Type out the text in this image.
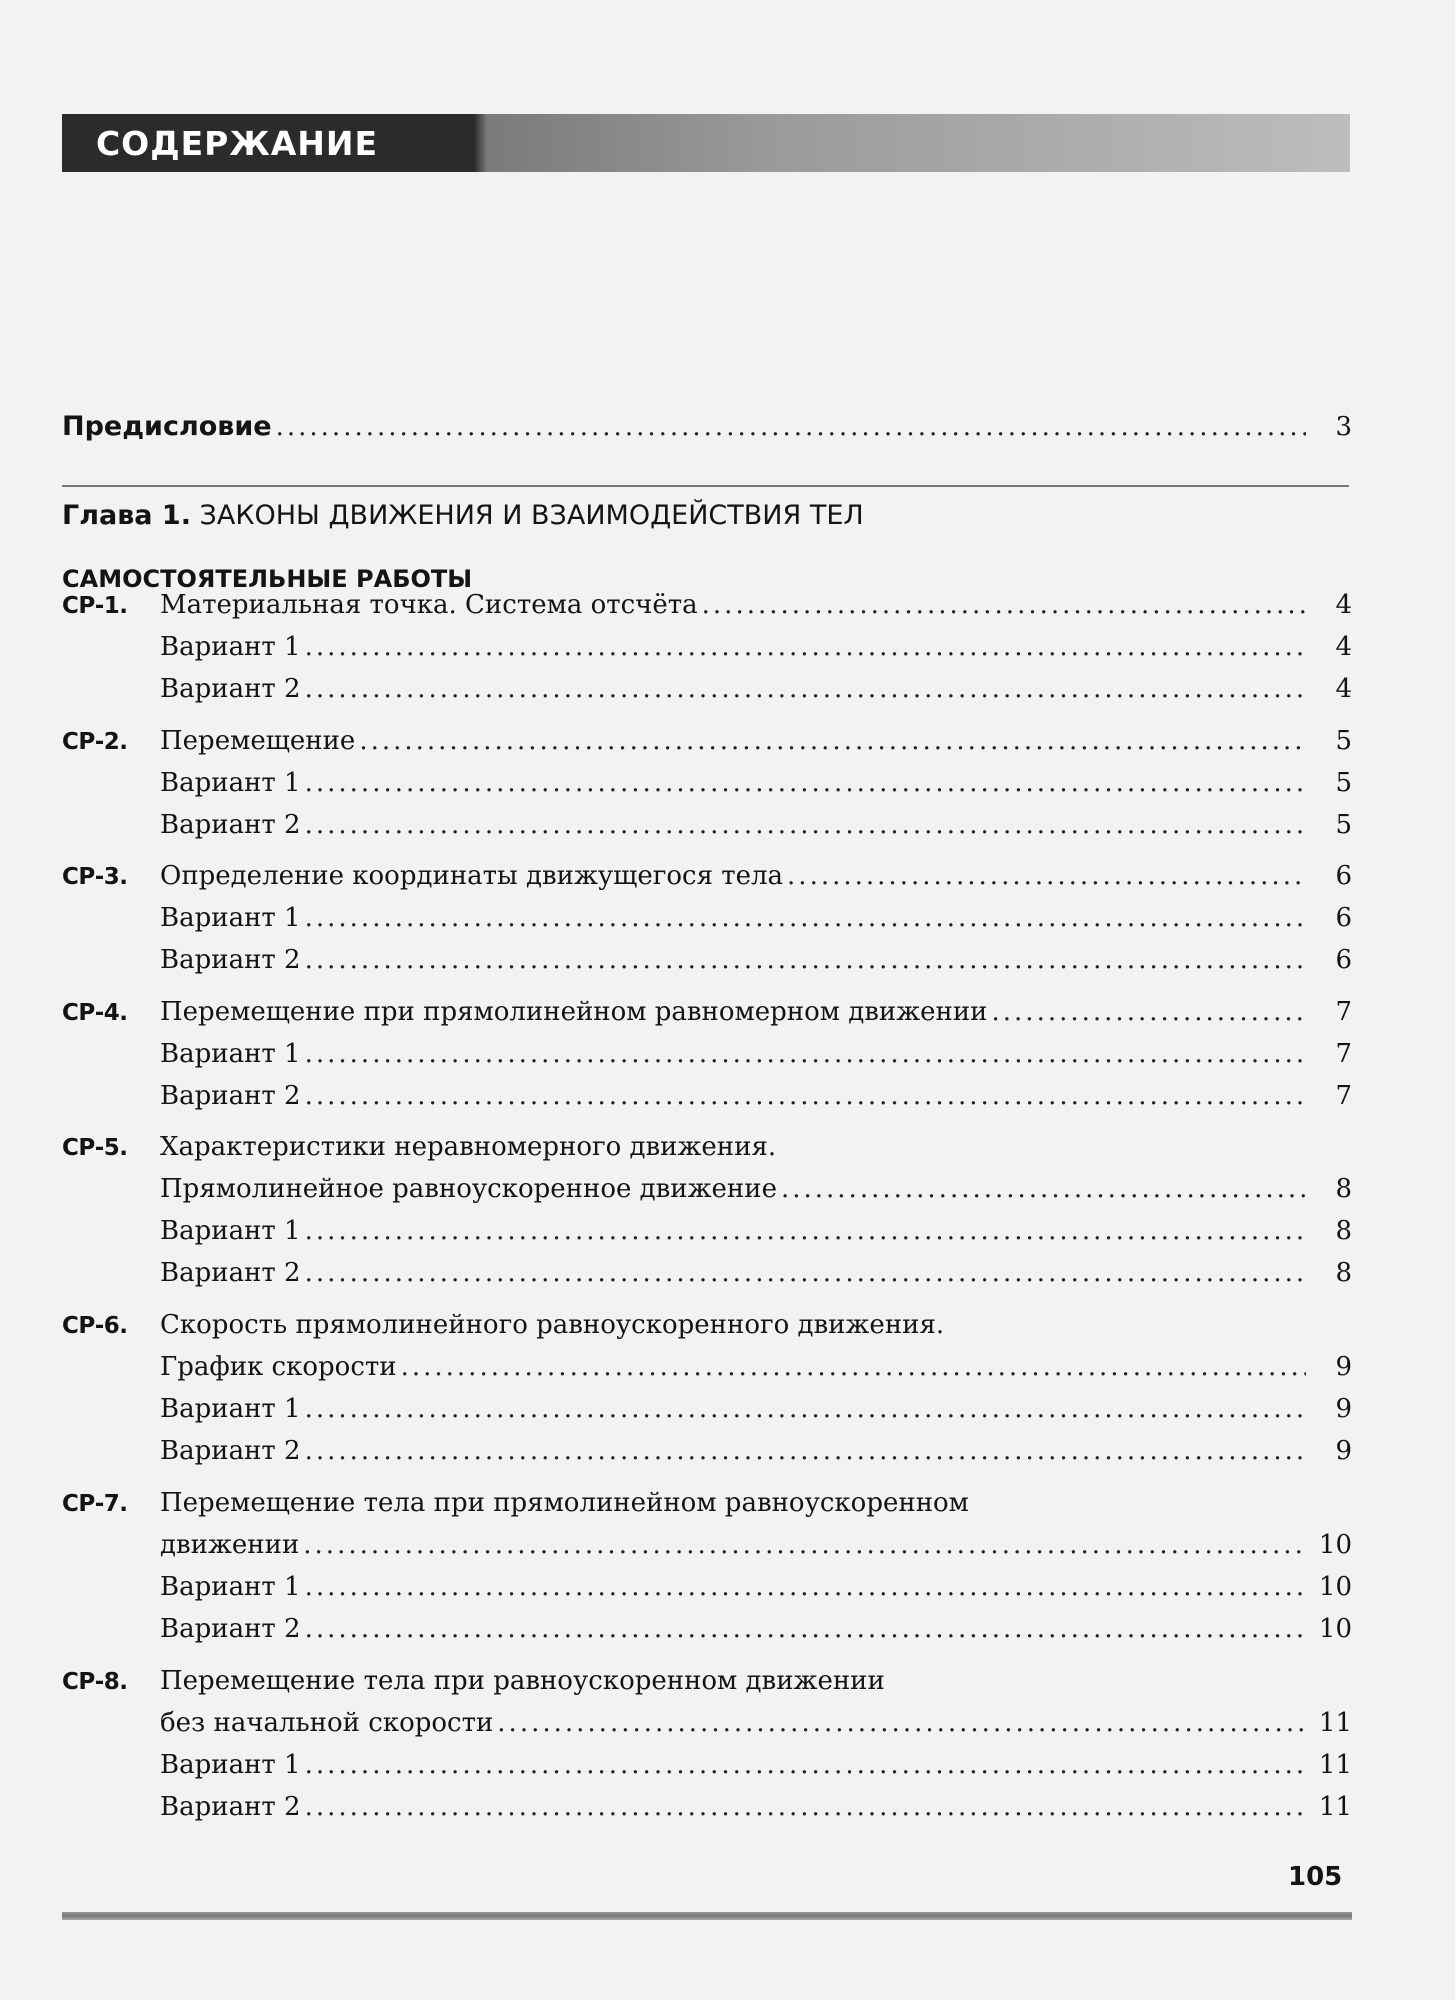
СОДЕРЖАНИЕ
Предисловие .....	3
Глава 1. ЗАКОНЫ ДВИЖЕНИЯ И ВЗАИМОДЕЙСТВИЯ ТЕЛ
САМОСТОЯТЕЛЬНЫЕ РАБОТЫ
СР-1.	Материальная точка. Система отсчёта .....	4
Вариант 1 .....	4
Вариант 2 .....	4
СР-2.	Перемещение .....	5
Вариант 1 .....	5
Вариант 2 .....	5
СР-3.	Определение координаты движущегося тела .....	6
Вариант 1 .....	6
Вариант 2 .....	6
СР-4.	Перемещение при прямолинейном равномерном движении .....	7
Вариант 1 .....	7
Вариант 2 .....	7
СР-5.	Характеристики неравномерного движения.
Прямолинейное равноускоренное движение .....	8
Вариант 1 .....	8
Вариант 2 .....	8
СР-6.	Скорость прямолинейного равноускоренного движения.
График скорости .....	9
Вариант 1 .....	9
Вариант 2 .....	9
СР-7.	Перемещение тела при прямолинейном равноускоренном
движении .....	10
Вариант 1 .....	10
Вариант 2 .....	10
СР-8.	Перемещение тела при равноускоренном движении
без начальной скорости .....	11
Вариант 1 .....	11
Вариант 2 .....	11
105
